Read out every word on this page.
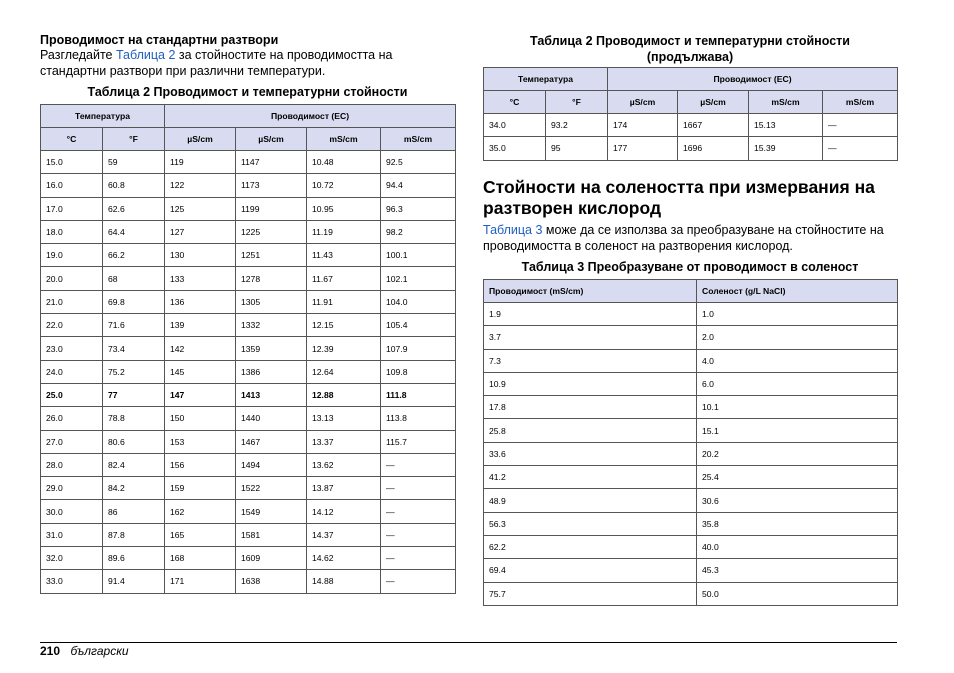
Проводимост на стандартни разтвори
Разгледайте Таблица 2 за стойностите на проводимостта на
стандартни разтвори при различни температури.
Таблица 2 Проводимост и температурни стойности
Температура		Проводимост (EC)			
°C	°F	µS/cm	µS/cm	mS/cm	mS/cm
15.0	59	119	1147	10.48	92.5
16.0	60.8	122	1173	10.72	94.4
17.0	62.6	125	1199	10.95	96.3
18.0	64.4	127	1225	11.19	98.2
19.0	66.2	130	1251	11.43	100.1
20.0	68	133	1278	11.67	102.1
21.0	69.8	136	1305	11.91	104.0
22.0	71.6	139	1332	12.15	105.4
23.0	73.4	142	1359	12.39	107.9
24.0	75.2	145	1386	12.64	109.8
25.0	77	147	1413	12.88	111.8
26.0	78.8	150	1440	13.13	113.8
27.0	80.6	153	1467	13.37	115.7
28.0	82.4	156	1494	13.62	—
29.0	84.2	159	1522	13.87	—
30.0	86	162	1549	14.12	—
31.0	87.8	165	1581	14.37	—
32.0	89.6	168	1609	14.62	—
33.0	91.4	171	1638	14.88	—
Таблица 2 Проводимост и температурни стойности
(продължава)
Температура		Проводимост (EC)			
°C	°F	µS/cm	µS/cm	mS/cm	mS/cm
34.0	93.2	174	1667	15.13	—
35.0	95	177	1696	15.39	—
Стойности на солеността при измервания на
разтворен кислород
Таблица 3 може да се използва за преобразуване на стойностите на
проводимостта в соленост на разтворения кислород.
Таблица 3 Преобразуване от проводимост в соленост
Проводимост (mS/cm)	Соленост (g/L NaCl)
1.9	1.0
3.7	2.0
7.3	4.0
10.9	6.0
17.8	10.1
25.8	15.1
33.6	20.2
41.2	25.4
48.9	30.6
56.3	35.8
62.2	40.0
69.4	45.3
75.7	50.0
210 български
